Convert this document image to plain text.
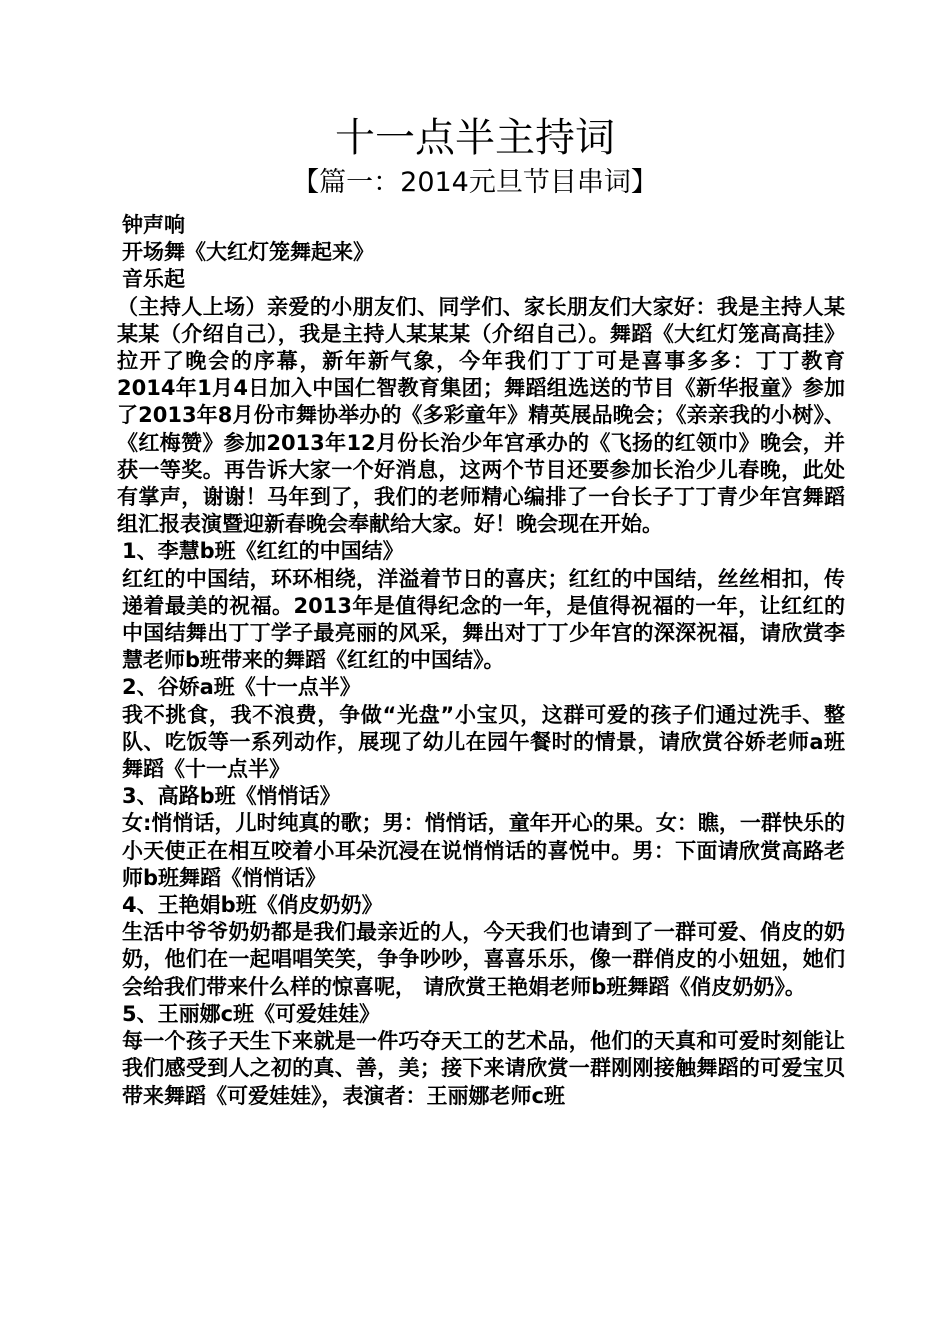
十一点半主持词
【篇一：2014元旦节目串词】

钟声响

开场舞《大红灯笼舞起来》

音乐起

（主持人上场）亲爱的小朋友们、同学们、家长朋友们大家好：我是主持人某某某（介绍自己），我是主持人某某某（介绍自己）。舞蹈《大红灯笼高高挂》拉开了晚会的序幕，新年新气象，今年我们丁丁可是喜事多多：丁丁教育2014年1月4日加入中国仁智教育集团；舞蹈组选送的节目《新华报童》参加了2013年8月份市舞协举办的《多彩童年》精英展品晚会；《亲亲我的小树》、《红梅赞》参加2013年12月份长治少年宫承办的《飞扬的红领巾》晚会，并获一等奖。再告诉大家一个好消息，这两个节目还要参加长治少儿春晚，此处有掌声，谢谢！马年到了，我们的老师精心编排了一台长子丁丁青少年宫舞蹈组汇报表演暨迎新春晚会奉献给大家。好！晚会现在开始。

1、李慧b班《红红的中国结》

红红的中国结，环环相绕，洋溢着节日的喜庆；红红的中国结，丝丝相扣，传递着最美的祝福。2013年是值得纪念的一年，是值得祝福的一年，让红红的中国结舞出丁丁学子最亮丽的风采，舞出对丁丁少年宫的深深祝福，请欣赏李慧老师b班带来的舞蹈《红红的中国结》。

2、谷娇a班《十一点半》

我不挑食，我不浪费，争做“光盘”小宝贝，这群可爱的孩子们通过洗手、整队、吃饭等一系列动作，展现了幼儿在园午餐时的情景，请欣赏谷娇老师a班舞蹈《十一点半》

3、高路b班《悄悄话》

女:悄悄话，儿时纯真的歌；男：悄悄话，童年开心的果。女：瞧，一群快乐的小天使正在相互咬着小耳朵沉浸在说悄悄话的喜悦中。男：下面请欣赏高路老师b班舞蹈《悄悄话》

4、王艳娟b班《俏皮奶奶》

生活中爷爷奶奶都是我们最亲近的人，今天我们也请到了一群可爱、俏皮的奶奶，他们在一起唱唱笑笑，争争吵吵，喜喜乐乐，像一群俏皮的小妞妞，她们会给我们带来什么样的惊喜呢， 请欣赏王艳娟老师b班舞蹈《俏皮奶奶》。

5、王丽娜c班《可爱娃娃》

每一个孩子天生下来就是一件巧夺天工的艺术品，他们的天真和可爱时刻能让我们感受到人之初的真、善，美；接下来请欣赏一群刚刚接触舞蹈的可爱宝贝带来舞蹈《可爱娃娃》，表演者：王丽娜老师c班
